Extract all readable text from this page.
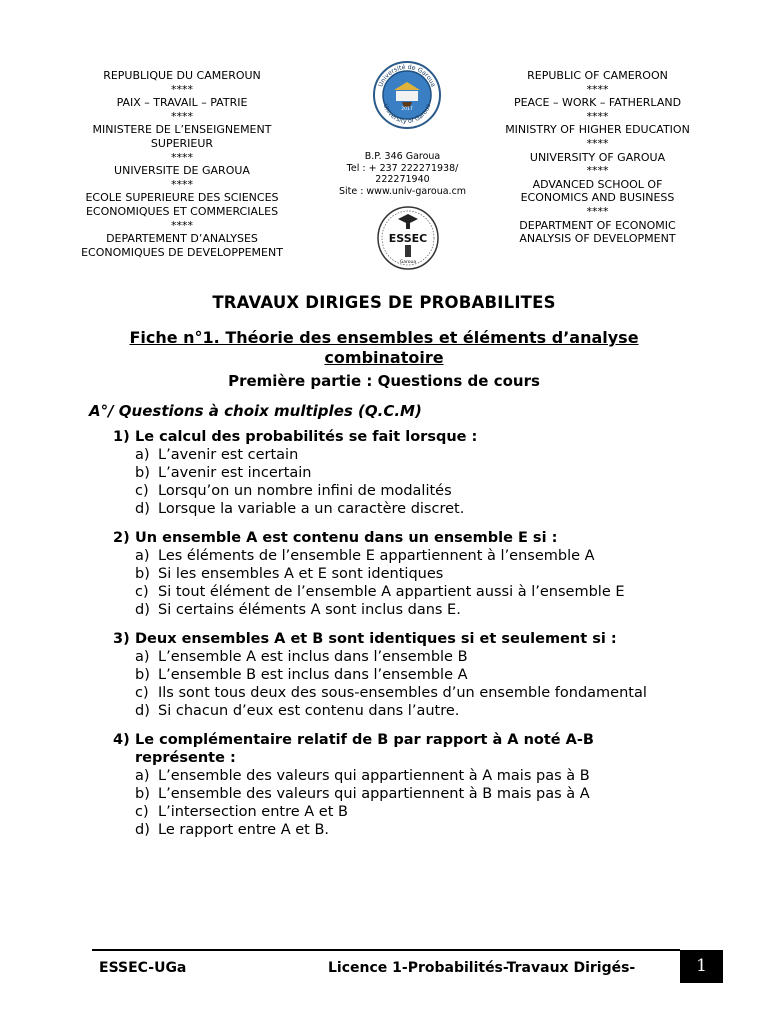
REPUBLIQUE DU CAMEROUN
****
PAIX – TRAVAIL – PATRIE
****
MINISTERE DE L’ENSEIGNEMENT
SUPERIEUR
****
UNIVERSITE DE GAROUA
****
ECOLE SUPERIEURE DES SCIENCES
ECONOMIQUES ET COMMERCIALES
****
DEPARTEMENT D’ANALYSES
ECONOMIQUES DE DEVELOPPEMENT
REPUBLIC OF CAMEROON
****
PEACE – WORK – FATHERLAND
****
MINISTRY OF HIGHER EDUCATION
****
UNIVERSITY OF GAROUA
****
ADVANCED SCHOOL OF
ECONOMICS AND BUSINESS
****
DEPARTMENT OF ECONOMIC
ANALYSIS OF DEVELOPMENT
B.P. 346 Garoua
Tel : + 237 222271938/
222271940
Site : www.univ-garoua.cm
Université de Garoua
University of Garoua
2017
ESSEC
Garoua
TRAVAUX DIRIGES DE PROBABILITES
Fiche n°1. Théorie des ensembles et éléments d’analyse
combinatoire
Première partie : Questions de cours
A°/ Questions à choix multiples (Q.C.M)
1) Le calcul des probabilités se fait lorsque :
a) L’avenir est certain
b) L’avenir est incertain
c) Lorsqu’on un nombre infini de modalités
d) Lorsque la variable a un caractère discret.
2) Un ensemble A est contenu dans un ensemble E si :
a) Les éléments de l’ensemble E appartiennent à l’ensemble A
b) Si les ensembles A et E sont identiques
c) Si tout élément de l’ensemble A appartient aussi à l’ensemble E
d) Si certains éléments A sont inclus dans E.
3) Deux ensembles A et B sont identiques si et seulement si :
a) L’ensemble A est inclus dans l’ensemble B
b) L’ensemble B est inclus dans l’ensemble A
c) Ils sont tous deux des sous-ensembles d’un ensemble fondamental
d) Si chacun d’eux est contenu dans l’autre.
4) Le complémentaire relatif de B par rapport à A noté A-B représente :
a) L’ensemble des valeurs qui appartiennent à A mais pas à B
b) L’ensemble des valeurs qui appartiennent à B mais pas à A
c) L’intersection entre A et B
d) Le rapport entre A et B.
ESSEC-UGa	Licence 1-Probabilités-Travaux Dirigés-	1
